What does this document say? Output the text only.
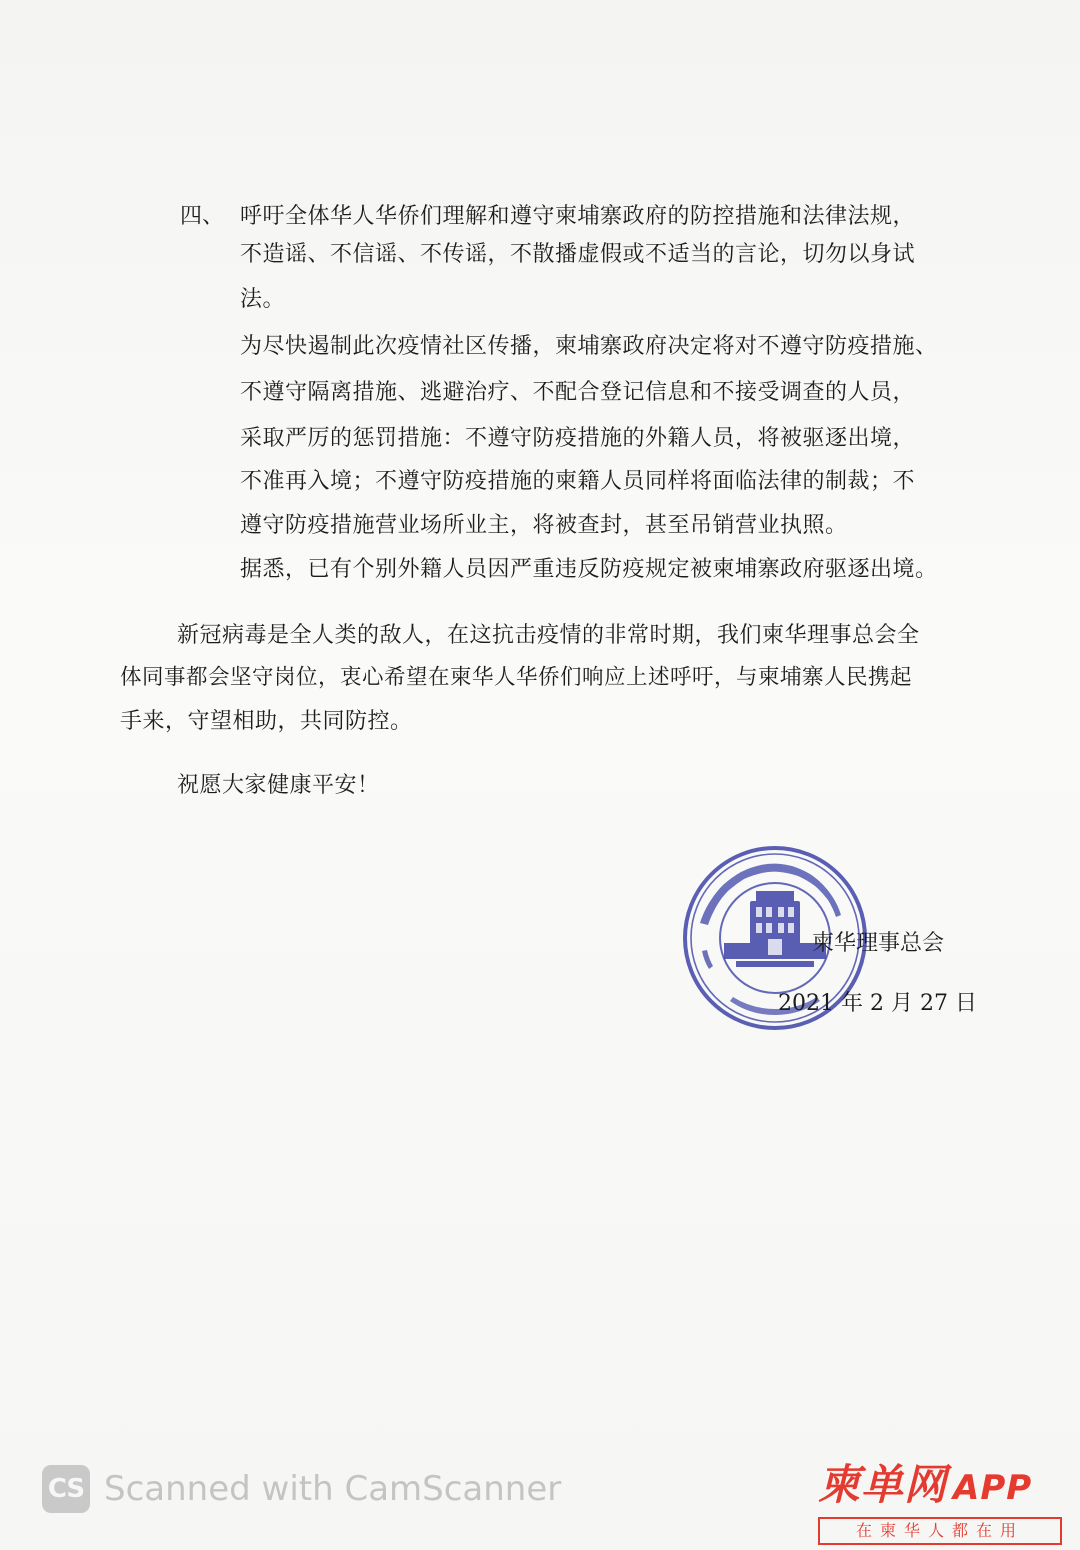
四、 呼吁全体华人华侨们理解和遵守柬埔寨政府的防控措施和法律法规，
不造谣、不信谣、不传谣，不散播虚假或不适当的言论，切勿以身试
法。
为尽快遏制此次疫情社区传播，柬埔寨政府决定将对不遵守防疫措施、
不遵守隔离措施、逃避治疗、不配合登记信息和不接受调查的人员，
采取严厉的惩罚措施：不遵守防疫措施的外籍人员，将被驱逐出境，
不准再入境；不遵守防疫措施的柬籍人员同样将面临法律的制裁；不
遵守防疫措施营业场所业主，将被查封，甚至吊销营业执照。
据悉，已有个别外籍人员因严重违反防疫规定被柬埔寨政府驱逐出境。
新冠病毒是全人类的敌人，在这抗击疫情的非常时期，我们柬华理事总会全
体同事都会坚守岗位，衷心希望在柬华人华侨们响应上述呼吁，与柬埔寨人民携起
手来，守望相助，共同防控。
祝愿大家健康平安！
柬华理事总会
2021 年 2 月 27 日
CS Scanned with CamScanner	柬单网 APP
在柬华人都在用
